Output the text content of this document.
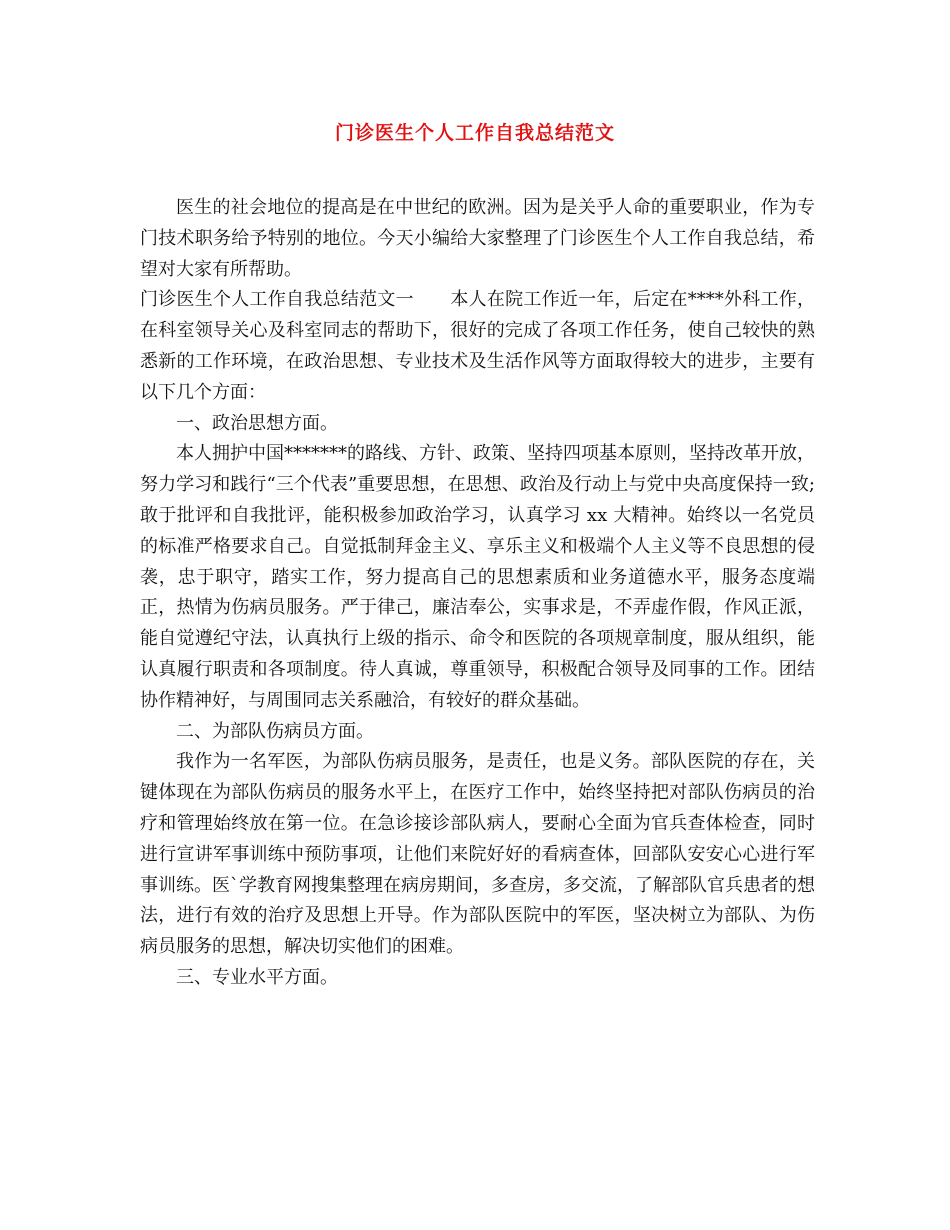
门诊医生个人工作自我总结范文

医生的社会地位的提高是在中世纪的欧洲。因为是关乎人命的重要职业，作为专门技术职务给予特别的地位。今天小编给大家整理了门诊医生个人工作自我总结，希望对大家有所帮助。

门诊医生个人工作自我总结范文一　　本人在院工作近一年，后定在****外科工作，在科室领导关心及科室同志的帮助下，很好的完成了各项工作任务，使自己较快的熟悉新的工作环境，在政治思想、专业技术及生活作风等方面取得较大的进步，主要有以下几个方面：

一、政治思想方面。

本人拥护中国*******的路线、方针、政策、坚持四项基本原则，坚持改革开放，努力学习和践行“三个代表”重要思想，在思想、政治及行动上与党中央高度保持一致;敢于批评和自我批评，能积极参加政治学习，认真学习 xx 大精神。始终以一名党员的标准严格要求自己。自觉抵制拜金主义、享乐主义和极端个人主义等不良思想的侵袭，忠于职守，踏实工作，努力提高自己的思想素质和业务道德水平，服务态度端正，热情为伤病员服务。严于律己，廉洁奉公，实事求是，不弄虚作假，作风正派，能自觉遵纪守法，认真执行上级的指示、命令和医院的各项规章制度，服从组织，能认真履行职责和各项制度。待人真诚，尊重领导，积极配合领导及同事的工作。团结协作精神好，与周围同志关系融洽，有较好的群众基础。

二、为部队伤病员方面。

我作为一名军医，为部队伤病员服务，是责任，也是义务。部队医院的存在，关键体现在为部队伤病员的服务水平上，在医疗工作中，始终坚持把对部队伤病员的治疗和管理始终放在第一位。在急诊接诊部队病人，要耐心全面为官兵查体检查，同时进行宣讲军事训练中预防事项，让他们来院好好的看病查体，回部队安安心心进行军事训练。医`学教育网搜集整理在病房期间，多查房，多交流，了解部队官兵患者的想法，进行有效的治疗及思想上开导。作为部队医院中的军医，坚决树立为部队、为伤病员服务的思想，解决切实他们的困难。

三、专业水平方面。
